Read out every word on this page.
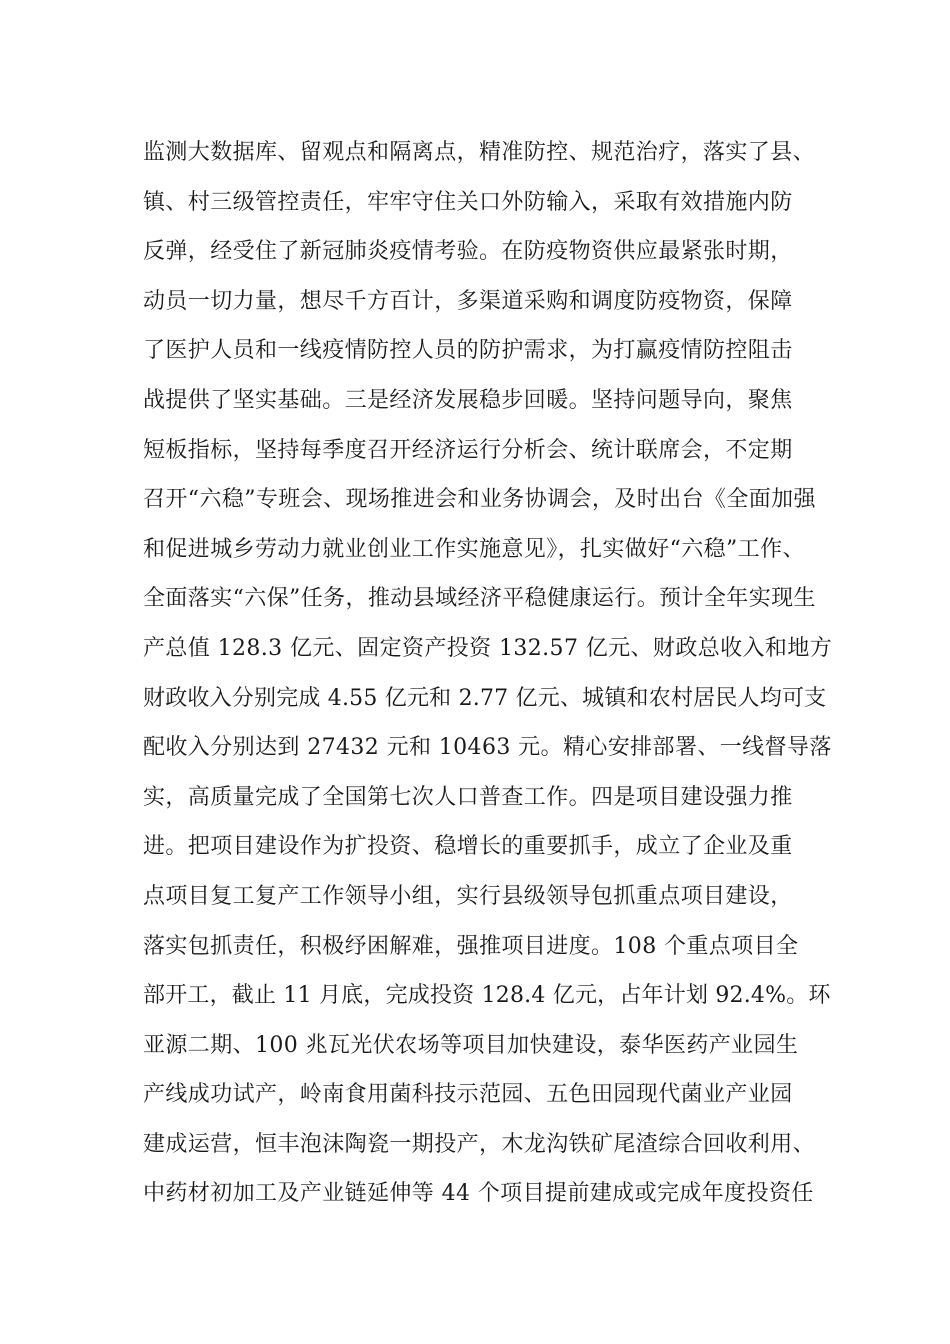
监测大数据库、留观点和隔离点，精准防控、规范治疗，落实了县、
镇、村三级管控责任，牢牢守住关口外防输入，采取有效措施内防
反弹，经受住了新冠肺炎疫情考验。在防疫物资供应最紧张时期，
动员一切力量，想尽千方百计，多渠道采购和调度防疫物资，保障
了医护人员和一线疫情防控人员的防护需求，为打赢疫情防控阻击
战提供了坚实基础。三是经济发展稳步回暖。坚持问题导向，聚焦
短板指标，坚持每季度召开经济运行分析会、统计联席会，不定期
召开“六稳”专班会、现场推进会和业务协调会，及时出台《全面加强
和促进城乡劳动力就业创业工作实施意见》，扎实做好“六稳”工作、
全面落实“六保”任务，推动县域经济平稳健康运行。预计全年实现生
产总值 128.3 亿元、固定资产投资 132.57 亿元、财政总收入和地方
财政收入分别完成 4.55 亿元和 2.77 亿元、城镇和农村居民人均可支
配收入分别达到 27432 元和 10463 元。精心安排部署、一线督导落
实，高质量完成了全国第七次人口普查工作。四是项目建设强力推
进。把项目建设作为扩投资、稳增长的重要抓手，成立了企业及重
点项目复工复产工作领导小组，实行县级领导包抓重点项目建设，
落实包抓责任，积极纾困解难，强推项目进度。108 个重点项目全
部开工，截止 11 月底，完成投资 128.4 亿元，占年计划 92.4%。环
亚源二期、100 兆瓦光伏农场等项目加快建设，泰华医药产业园生
产线成功试产，岭南食用菌科技示范园、五色田园现代菌业产业园
建成运营，恒丰泡沫陶瓷一期投产，木龙沟铁矿尾渣综合回收利用、
中药材初加工及产业链延伸等 44 个项目提前建成或完成年度投资任
